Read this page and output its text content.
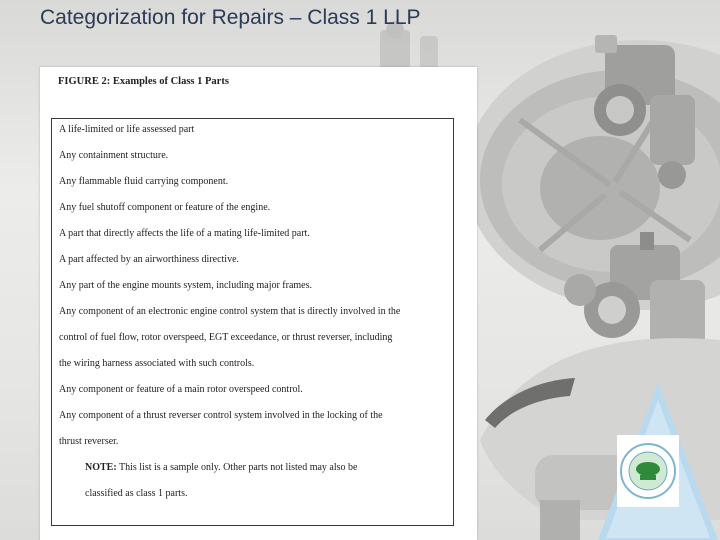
Categorization for Repairs – Class 1 LLP
FIGURE 2: Examples of Class 1 Parts
A life-limited or life assessed part
Any containment structure.
Any flammable fluid carrying component.
Any fuel shutoff component or feature of the engine.
A part that directly affects the life of a mating life-limited part.
A part affected by an airworthiness directive.
Any part of the engine mounts system, including major frames.
Any component of an electronic engine control system that is directly involved in the
control of fuel flow, rotor overspeed, EGT exceedance, or thrust reverser, including
the wiring harness associated with such controls.
Any component or feature of a main rotor overspeed control.
Any component of a thrust reverser control system involved in the locking of the
thrust reverser.
NOTE: This list is a sample only. Other parts not listed may also be
classified as class 1 parts.
